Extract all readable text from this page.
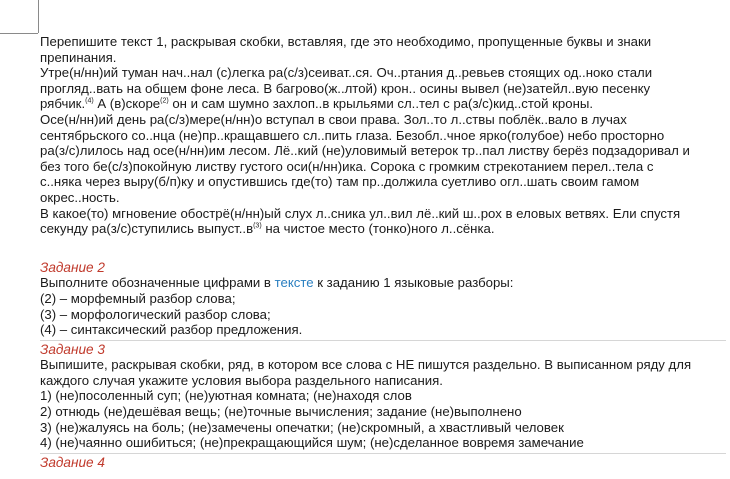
Перепишите текст 1, раскрывая скобки, вставляя, где это необходимо, пропущенные буквы и знаки

препинания.

Утре(н/нн)ий туман нач..нал (с)легка ра(с/з)сеиват..ся. Оч..ртания д..ревьев стоящих од..ноко стали

прогляд..вать на общем фоне леса. В багрово(ж..лтой) крон.. осины вывел (не)затейл..вую песенку

рябчик.$^{(4)}$ А (в)скоре$^{(2)}$ он и сам шумно захлоп..в крыльями сл..тел с ра(з/с)кид..стой кроны.

Осе(н/нн)ий день ра(с/з)мере(н/нн)о вступал в свои права. Зол..то л..ствы поблёк..вало в лучах

сентябрьского со..нца (не)пр..кращавшего сл..пить глаза. Безобл..чное ярко(голубое) небо просторно

ра(з/с)лилось над осе(н/нн)им лесом. Лё..кий (не)уловимый ветерок тр..пал листву берёз подзадоривал и

без того бе(с/з)покойную листву густого оси(н/нн)ика. Сорока с громким стрекотанием перел..тела с

с..няка через выру(б/п)ку и опустившись где(то) там пр..должила суетливо огл..шать своим гамом

окрес..ность.

В какое(то) мгновение обострё(н/нн)ый слух л..сника ул..вил лё..кий ш..рох в еловых ветвях. Ели спустя

секунду ра(з/с)ступились $выпуст..в^{(3)}$ на чистое место (тонко)ного л..сёнка.

Задание 2

Выполните обозначенные цифрами в тексте к заданию 1 языковые разборы:

(2) – морфемный разбор слова;

(3) – морфологический разбор слова;

(4) – синтаксический разбор предложения.

Задание 3

Выпишите, раскрывая скобки, ряд, в котором все слова с НЕ пишутся раздельно. В выписанном ряду для

каждого случая укажите условия выбора раздельного написания.

1) (не)посоленный суп; (не)уютная комната; (не)находя слов

2) отнюдь (не)дешёвая вещь; (не)точные вычисления; задание (не)выполнено

3) (не)жалуясь на боль; (не)замечены опечатки; (не)скромный, а хвастливый человек

4) (не)чаянно ошибиться; (не)прекращающийся шум; (не)сделанное вовремя замечание

Задание 4
